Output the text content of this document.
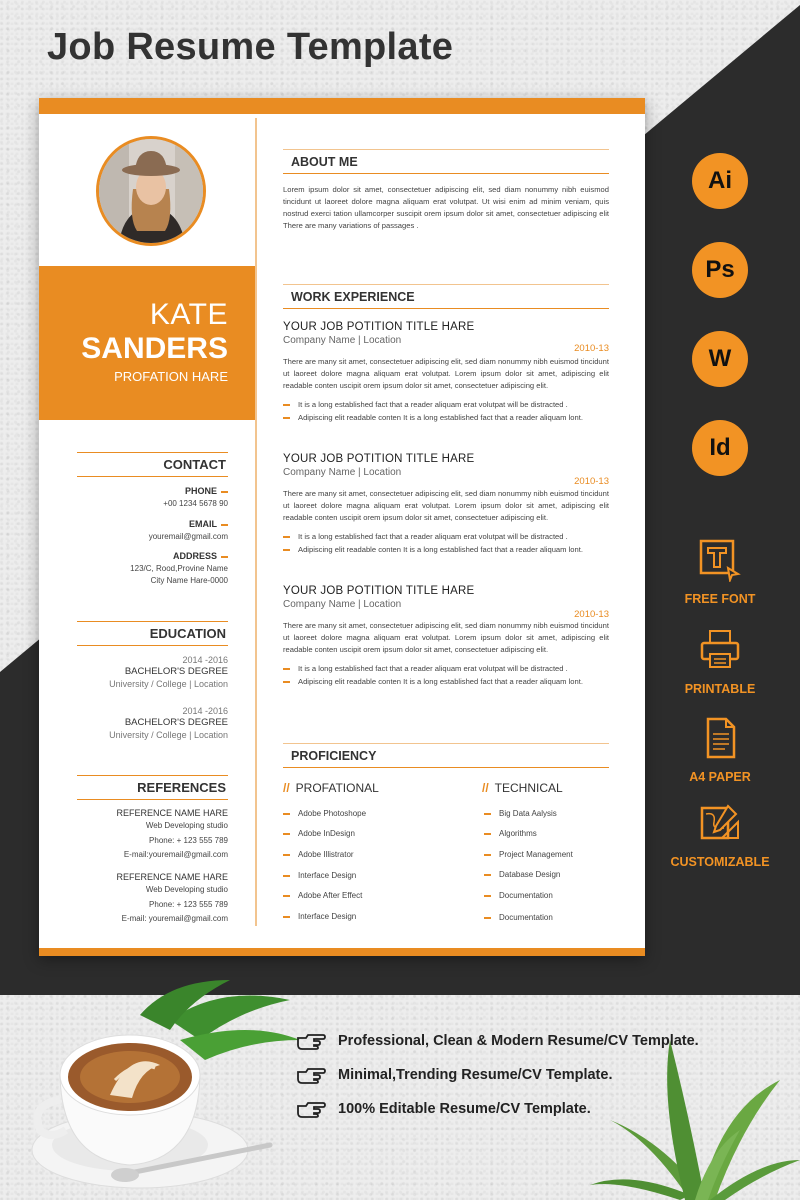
Job Resume Template
KATE
SANDERS
PROFATION HARE
CONTACT
PHONE
+00 1234 5678 90
EMAIL
youremail@gmail.com
ADDRESS
123/C, Rood,Provine Name
City Name Hare-0000
EDUCATION
2014 -2016
BACHELOR'S DEGREE
University / College | Location
2014 -2016
BACHELOR'S DEGREE
University / College | Location
REFERENCES
REFERENCE NAME HARE
Web Developing studio
Phone: + 123 555 789
E-mail:youremail@gmail.com
REFERENCE NAME HARE
Web Developing studio
Phone: + 123 555 789
E-mail: youremail@gmail.com
ABOUT ME
Lorem ipsum dolor sit amet, consectetuer adipiscing elit, sed diam nonummy nibh euismod tincidunt ut laoreet dolore magna aliquam erat volutpat. Ut wisi enim ad minim veniam, quis nostrud exerci tation ullamcorper suscipit orem ipsum dolor sit amet, consectetuer adipiscing elit There are many variations of passages .
WORK EXPERIENCE
YOUR JOB POTITION TITLE HARE
Company Name | Location
2010-13
There are many sit amet, consectetuer adipiscing elit, sed diam nonummy nibh euismod tincidunt ut laoreet dolore magna aliquam erat volutpat. Lorem ipsum dolor sit amet, adipiscing elit readable conten uscipit orem ipsum dolor sit amet, consectetuer adipiscing elit.
It is a long established fact that a reader aliquam erat volutpat will be distracted .
Adipiscing elit readable conten It is a long established fact that a reader aliquam lont.
YOUR JOB POTITION TITLE HARE
Company Name | Location
2010-13
There are many sit amet, consectetuer adipiscing elit, sed diam nonummy nibh euismod tincidunt ut laoreet dolore magna aliquam erat volutpat. Lorem ipsum dolor sit amet, adipiscing elit readable conten uscipit orem ipsum dolor sit amet, consectetuer adipiscing elit.
It is a long established fact that a reader aliquam erat volutpat will be distracted .
Adipiscing elit readable conten It is a long established fact that a reader aliquam lont.
YOUR JOB POTITION TITLE HARE
Company Name | Location
2010-13
There are many sit amet, consectetuer adipiscing elit, sed diam nonummy nibh euismod tincidunt ut laoreet dolore magna aliquam erat volutpat. Lorem ipsum dolor sit amet, adipiscing elit readable conten uscipit orem ipsum dolor sit amet, consectetuer adipiscing elit.
It is a long established fact that a reader aliquam erat volutpat will be distracted .
Adipiscing elit readable conten It is a long established fact that a reader aliquam lont.
PROFICIENCY
// PROFATIONAL	// TECHNICAL
Adobe Photoshope
Adobe InDesign
Adobe Illistrator
Interface Design
Adobe After Effect
Interface Design
Big Data Aalysis
Algorithms
Project Management
Database Design
Documentation
Documentation
Ai
Ps
W
Id
FREE FONT
PRINTABLE
A4 PAPER
CUSTOMIZABLE
Professional, Clean & Modern Resume/CV Template.
Minimal,Trending Resume/CV Template.
100% Editable Resume/CV Template.
